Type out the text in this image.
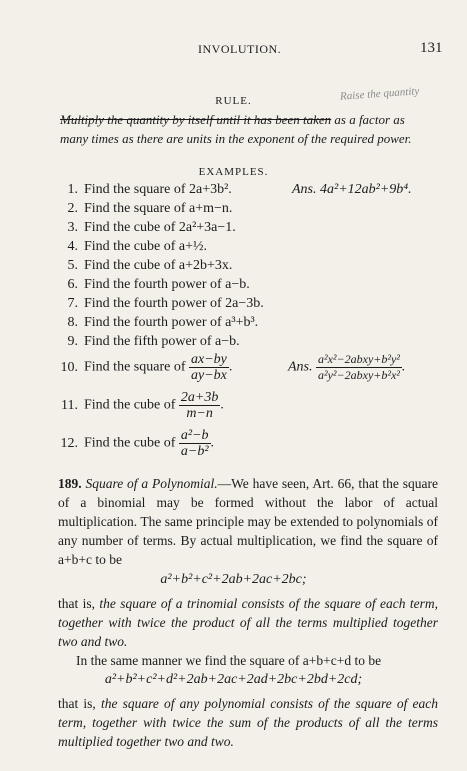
INVOLUTION.	131
RULE.	Raise the quantity
Multiply the quantity by itself until it has been taken as a factor as many times as there are units in the exponent of the required power.
EXAMPLES.
1. Find the square of 2a+3b².	Ans. 4a²+12ab²+9b⁴.
2. Find the square of a+m−n.
3. Find the cube of 2a²+3a−1.
4. Find the cube of a+½.
5. Find the cube of a+2b+3x.
6. Find the fourth power of a−b.
7. Find the fourth power of 2a−3b.
8. Find the fourth power of a³+b³.
9. Find the fifth power of a−b.
10. Find the square of $\frac{ax-by}{ay-bx}$ .	Ans. $\frac{\text{a²x²−2abxy+b²y²}}{\text{a²y²−2abxy+b²x²}}$ .
11. Find the cube of $\frac{2a+3b}{m-n}$ .
12. Find the cube of $\frac{\text{a²−b}}{\text{a−b²}}$ .
189. Square of a Polynomial.—We have seen, Art. 66, that the square of a binomial may be formed without the labor of actual multiplication. The same principle may be extended to polynomials of any number of terms. By actual multiplication, we find the square of a+b+c to be
a²+b²+c²+2ab+2ac+2bc;
that is, the square of a trinomial consists of the square of each term, together with twice the product of all the terms multiplied together two and two.
In the same manner we find the square of a+b+c+d to be
a²+b²+c²+d²+2ab+2ac+2ad+2bc+2bd+2cd;
that is, the square of any polynomial consists of the square of each term, together with twice the sum of the products of all the terms multiplied together two and two.
